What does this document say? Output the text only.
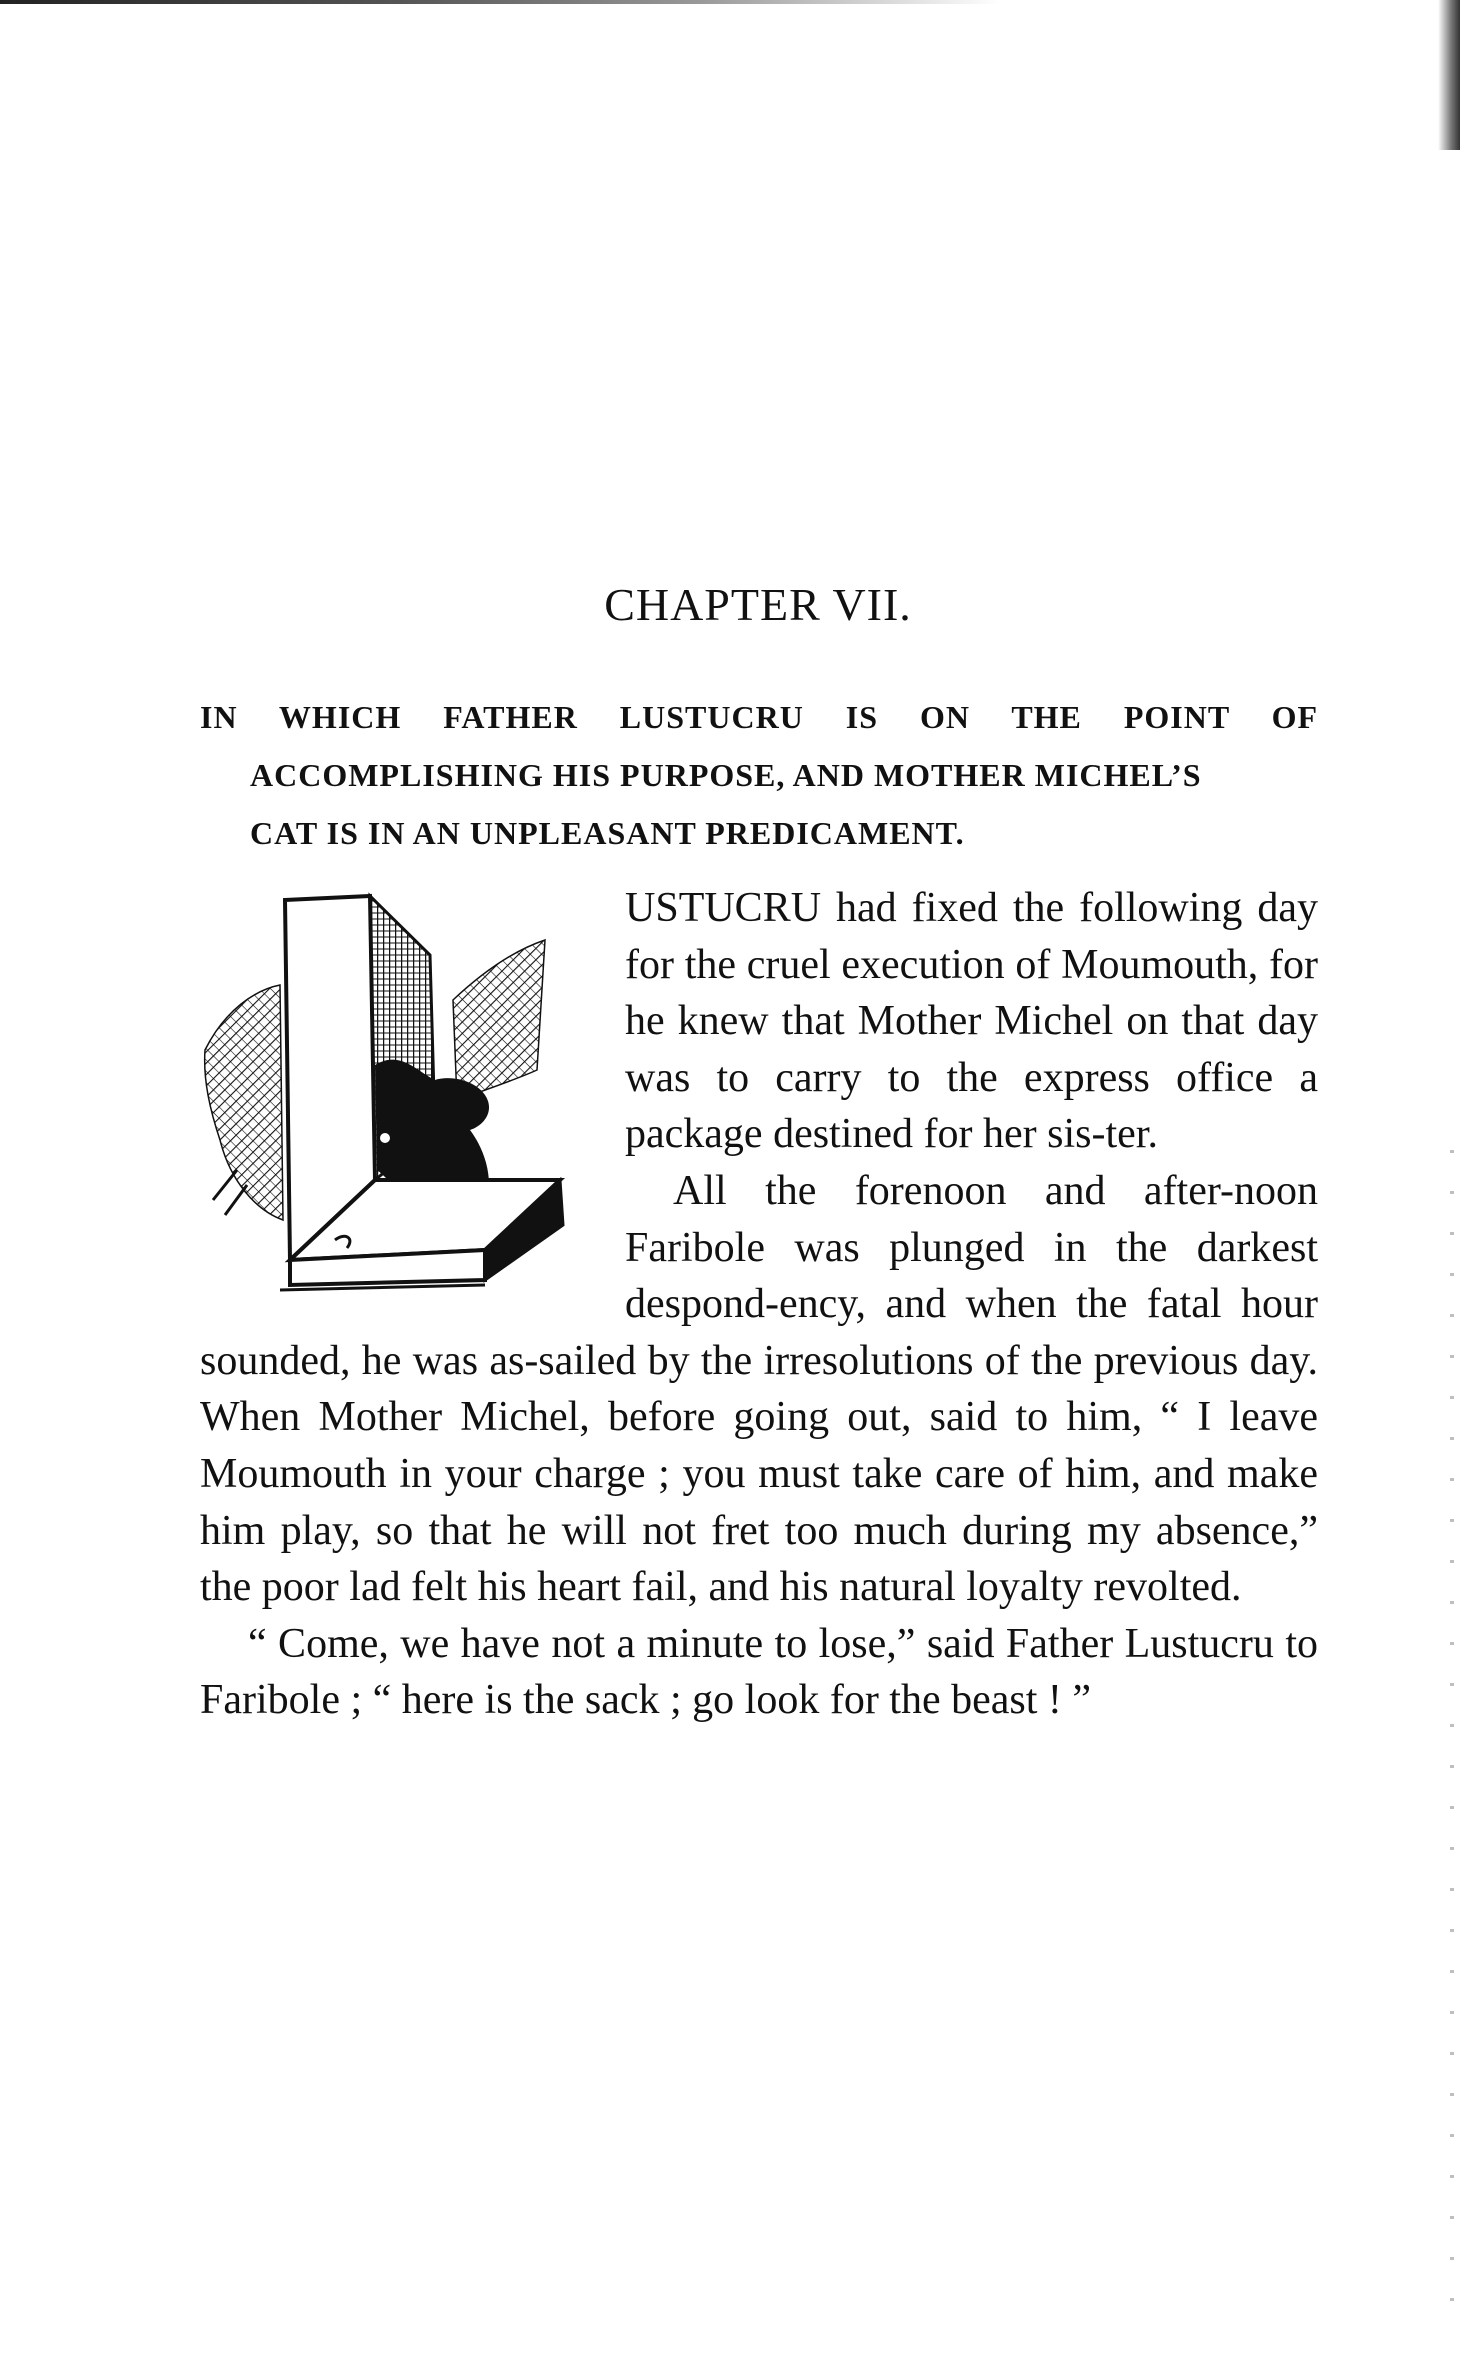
CHAPTER VII.
IN WHICH FATHER LUSTUCRU IS ON THE POINT OF
ACCOMPLISHING HIS PURPOSE, AND MOTHER MICHEL’S
CAT IS IN AN UNPLEASANT PREDICAMENT.

USTUCRU had fixed the following day for the cruel execution of Moumouth, for he knew that Mother Michel on that day was to carry to the express office a package destined for her sis-ter.

All the forenoon and after-noon Faribole was plunged in the darkest despond-ency, and when the fatal hour sounded, he was as-sailed by the irresolutions of the previous day. When Mother Michel, before going out, said to him, “ I leave Moumouth in your charge ; you must take care of him, and make him play, so that he will not fret too much during my absence,” the poor lad felt his heart fail, and his natural loyalty revolted.

“ Come, we have not a minute to lose,” said Father Lustucru to Faribole ; “ here is the sack ; go look for the beast ! ”
